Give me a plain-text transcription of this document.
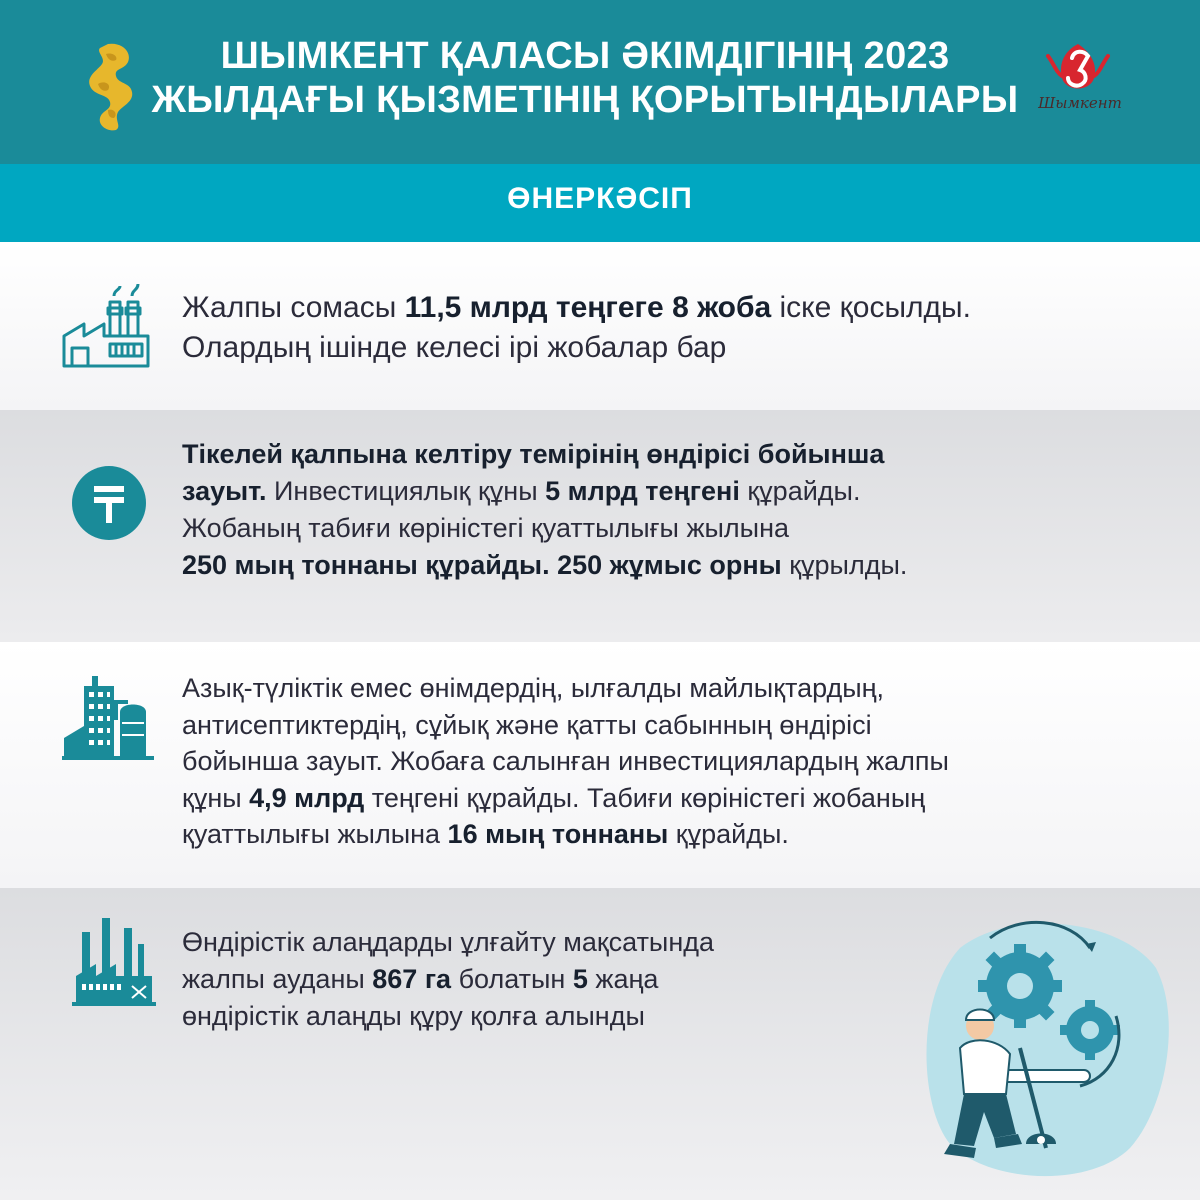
ШЫМКЕНТ ҚАЛАСЫ ӘКІМДІГІНІҢ 2023
ЖЫЛДАҒЫ ҚЫЗМЕТІНІҢ ҚОРЫТЫНДЫЛАРЫ Шымкент
ӨНЕРКӘСІП
Жалпы сомасы 11,5 млрд теңгеге 8 жоба іске қосылды.
Олардың ішінде келесі ірі жобалар бар
Тікелей қалпына келтіру темірінің өндірісі бойынша
зауыт. Инвестициялық құны 5 млрд теңгені құрайды.
Жобаның табиғи көріністегі қуаттылығы жылына
250 мың тоннаны құрайды. 250 жұмыс орны құрылды.
Азық-түліктік емес өнімдердің, ылғалды майлықтардың,
антисептиктердің, сұйық және қатты сабынның өндірісі
бойынша зауыт. Жобаға салынған инвестициялардың жалпы
құны 4,9 млрд теңгені құрайды. Табиғи көріністегі жобаның
қуаттылығы жылына 16 мың тоннаны құрайды.
Өндірістік алаңдарды ұлғайту мақсатында
жалпы ауданы 867 га болатын 5 жаңа
өндірістік алаңды құру қолға алынды
